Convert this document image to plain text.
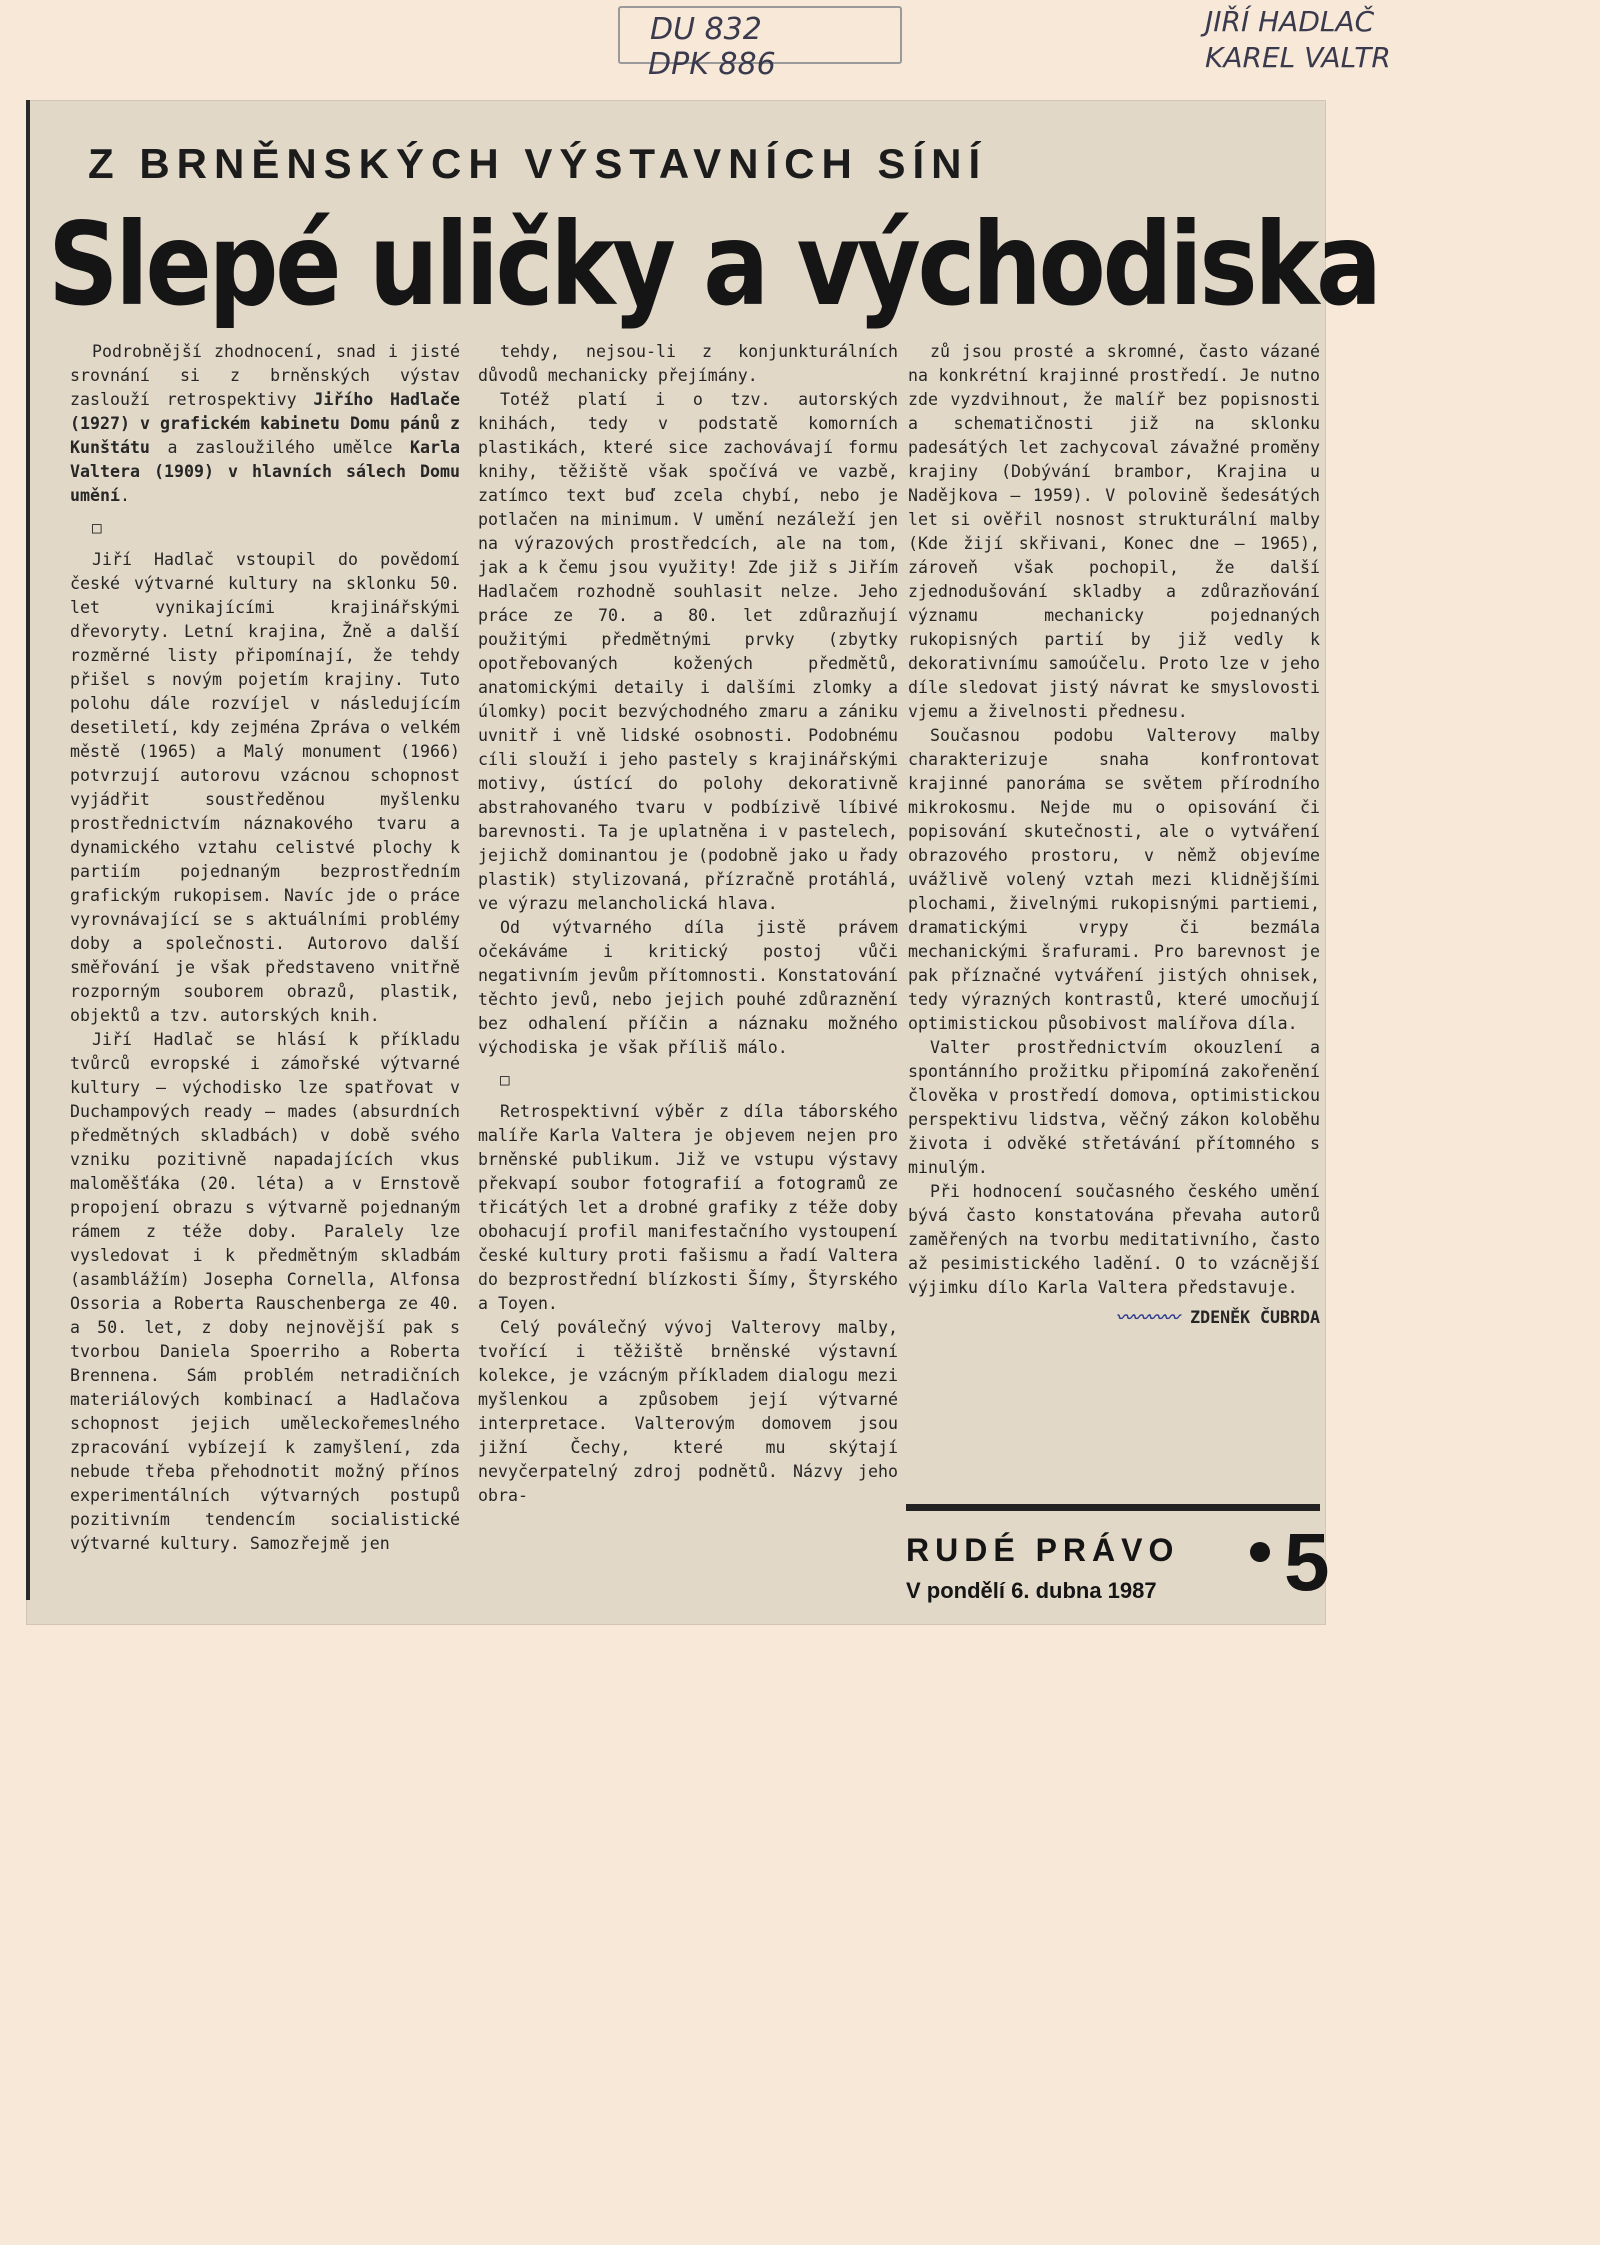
DU 832
DPK 886
JIŘÍ HADLAČ
KAREL VALTR
Z BRNĚNSKÝCH VÝSTAVNÍCH SÍNÍ
Slepé uličky a východiska

Podrobnější zhodnocení, snad i jisté srovnání si z brněnských výstav zaslouží retrospektivy Jiřího Hadlače (1927) v grafickém kabinetu Domu pánů z Kunštátu a zasloužilého umělce Karla Valtera (1909) v hlavních sálech Domu umění.

□

Jiří Hadlač vstoupil do povědomí české výtvarné kultury na sklonku 50. let vynikajícími krajinářskými dřevoryty. Letní krajina, Žně a další rozměrné listy připomínají, že tehdy přišel s novým pojetím krajiny. Tuto polohu dále rozvíjel v následujícím desetiletí, kdy zejména Zpráva o velkém městě (1965) a Malý monument (1966) potvrzují autorovu vzácnou schopnost vyjádřit soustředěnou myšlenku prostřednictvím náznakového tvaru a dynamického vztahu celistvé plochy k partiím pojednaným bezprostředním grafickým rukopisem. Navíc jde o práce vyrovnávající se s aktuálními problémy doby a společnosti. Autorovo další směřování je však představeno vnitřně rozporným souborem obrazů, plastik, objektů a tzv. autorských knih.

Jiří Hadlač se hlásí k příkladu tvůrců evropské i zámořské výtvarné kultury — východisko lze spatřovat v Duchampových ready — mades (absurdních předmětných skladbách) v době svého vzniku pozitivně napadajících vkus maloměšťáka (20. léta) a v Ernstově propojení obrazu s výtvarně pojednaným rámem z téže doby. Paralely lze vysledovat i k předmětným skladbám (asamblážím) Josepha Cornella, Alfonsa Ossoria a Roberta Rauschenberga ze 40. a 50. let, z doby nejnovější pak s tvorbou Daniela Spoerriho a Roberta Brennena. Sám problém netradičních materiálových kombinací a Hadlačova schopnost jejich uměleckořemeslného zpracování vybízejí k zamyšlení, zda nebude třeba přehodnotit možný přínos experimentálních výtvarných postupů pozitivním tendencím socialistické výtvarné kultury. Samozřejmě jen

tehdy, nejsou-li z konjunkturálních důvodů mechanicky přejímány.

Totéž platí i o tzv. autorských knihách, tedy v podstatě komorních plastikách, které sice zachovávají formu knihy, těžiště však spočívá ve vazbě, zatímco text buď zcela chybí, nebo je potlačen na minimum. V umění nezáleží jen na výrazových prostředcích, ale na tom, jak a k čemu jsou využity! Zde již s Jiřím Hadlačem rozhodně souhlasit nelze. Jeho práce ze 70. a 80. let zdůrazňují použitými předmětnými prvky (zbytky opotřebovaných kožených předmětů, anatomickými detaily i dalšími zlomky a úlomky) pocit bezvýchodného zmaru a zániku uvnitř i vně lidské osobnosti. Podobnému cíli slouží i jeho pastely s krajinářskými motivy, ústící do polohy dekorativně abstrahovaného tvaru v podbízivě líbivé barevnosti. Ta je uplatněna i v pastelech, jejichž dominantou je (podobně jako u řady plastik) stylizovaná, přízračně protáhlá, ve výrazu melancholická hlava.

Od výtvarného díla jistě právem očekáváme i kritický postoj vůči negativním jevům přítomnosti. Konstatování těchto jevů, nebo jejich pouhé zdůraznění bez odhalení příčin a náznaku možného východiska je však příliš málo.

□

Retrospektivní výběr z díla táborského malíře Karla Valtera je objevem nejen pro brněnské publikum. Již ve vstupu výstavy překvapí soubor fotografií a fotogramů ze třicátých let a drobné grafiky z téže doby obohacují profil manifestačního vystoupení české kultury proti fašismu a řadí Valtera do bezprostřední blízkosti Šímy, Štyrského a Toyen.

Celý poválečný vývoj Valterovy malby, tvořící i těžiště brněnské výstavní kolekce, je vzácným příkladem dialogu mezi myšlenkou a způsobem její výtvarné interpretace. Valterovým domovem jsou jižní Čechy, které mu skýtají nevyčerpatelný zdroj podnětů. Názvy jeho obra-

zů jsou prosté a skromné, často vázané na konkrétní krajinné prostředí. Je nutno zde vyzdvihnout, že malíř bez popisnosti a schematičnosti již na sklonku padesátých let zachycoval závažné proměny krajiny (Dobývání brambor, Krajina u Nadějkova — 1959). V polovině šedesátých let si ověřil nosnost strukturální malby (Kde žijí skřivani, Konec dne — 1965), zároveň však pochopil, že další zjednodušování skladby a zdůrazňování významu mechanicky pojednaných rukopisných partií by již vedly k dekorativnímu samoúčelu. Proto lze v jeho díle sledovat jistý návrat ke smyslovosti vjemu a živelnosti přednesu.

Současnou podobu Valterovy malby charakterizuje snaha konfrontovat krajinné panoráma se světem přírodního mikrokosmu. Nejde mu o opisování či popisování skutečnosti, ale o vytváření obrazového prostoru, v němž objevíme uvážlivě volený vztah mezi klidnějšími plochami, živelnými rukopisnými partiemi, dramatickými vrypy či bezmála mechanickými šrafurami. Pro barevnost je pak příznačné vytváření jistých ohnisek, tedy výrazných kontrastů, které umocňují optimistickou působivost malířova díla.

Valter prostřednictvím okouzlení a spontánního prožitku připomíná zakořenění člověka v prostředí domova, optimistickou perspektivu lidstva, věčný zákon koloběhu života i odvěké střetávání přítomného s minulým.

Při hodnocení současného českého umění bývá často konstatována převaha autorů zaměřených na tvorbu meditativního, často až pesimistického ladění. O to vzácnější výjimku dílo Karla Valtera představuje.

〰〰〰〰 ZDENĚK ČUBRDA

RUDÉ PRÁVO 5
V pondělí 6. dubna 1987
